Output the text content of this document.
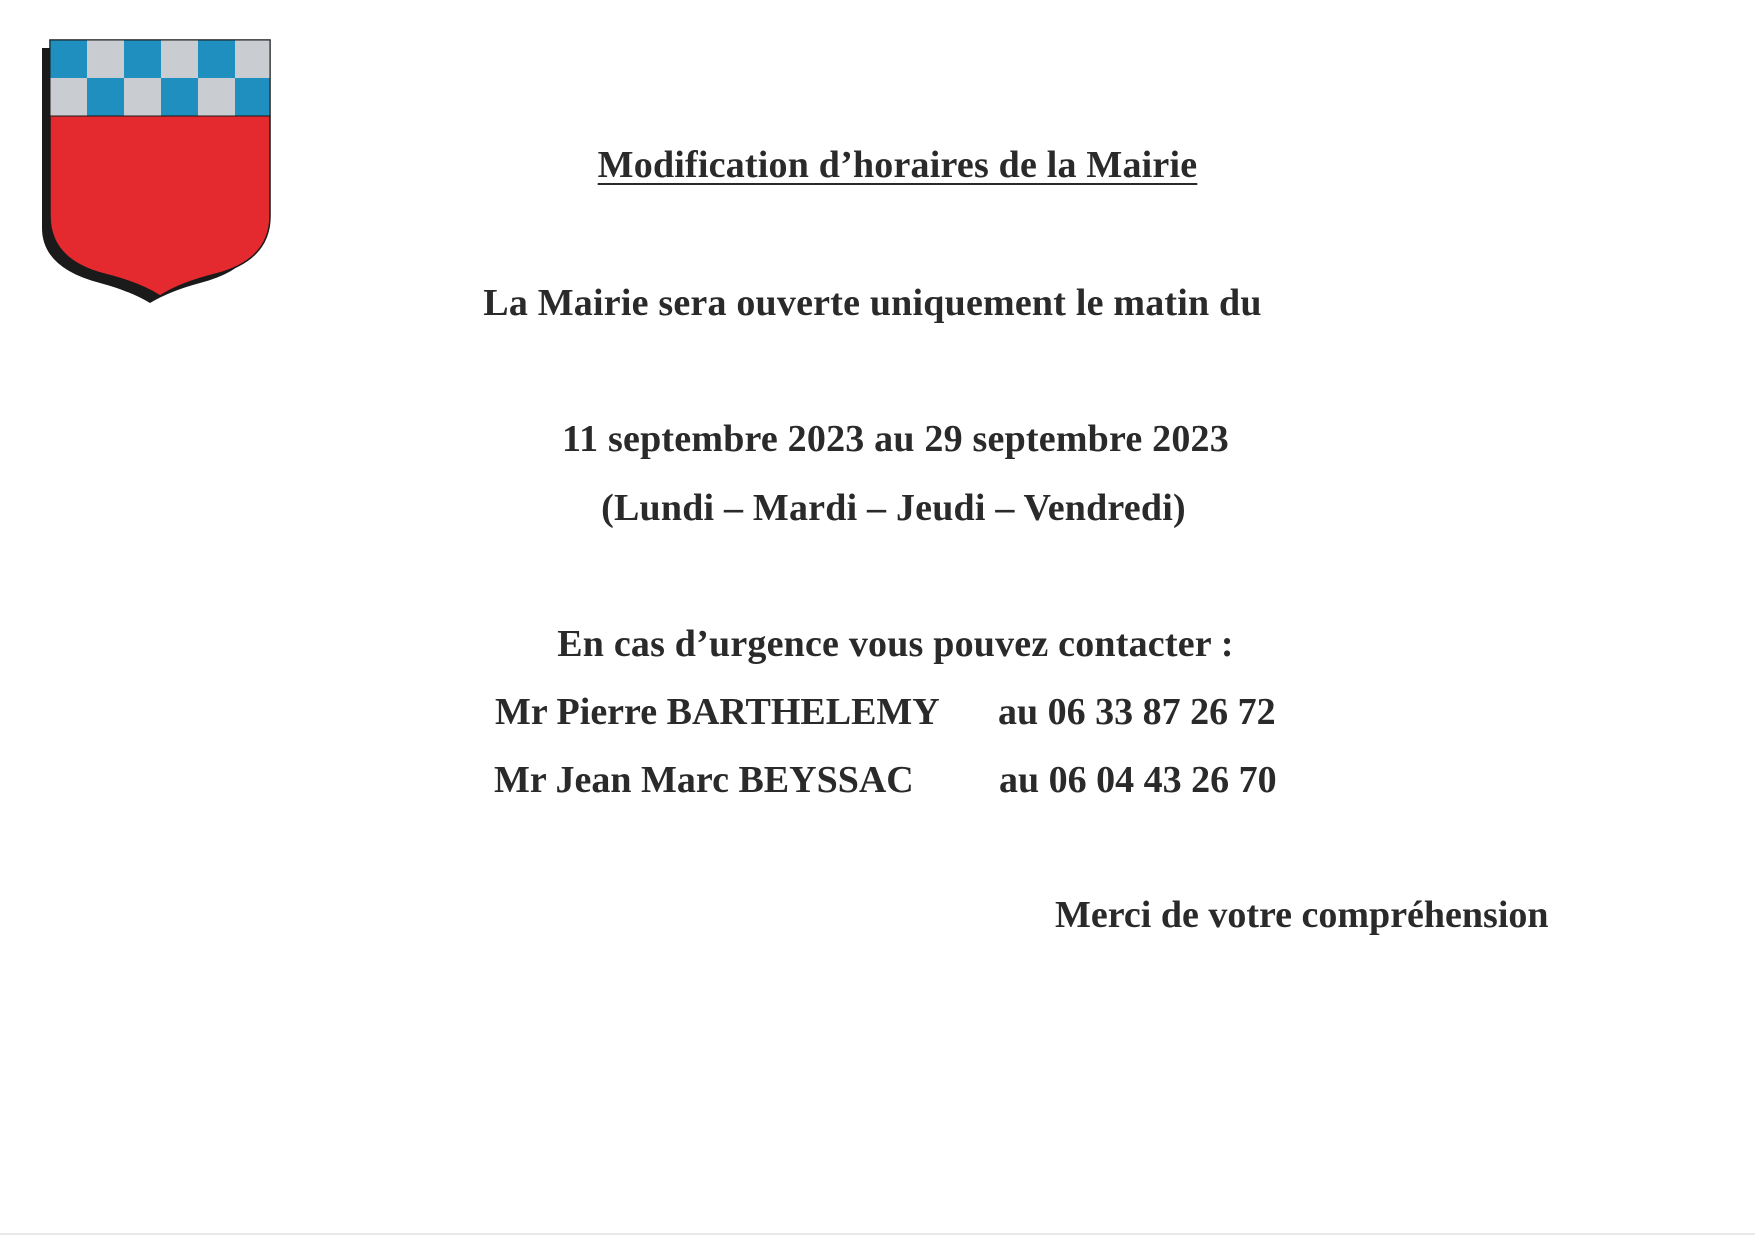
Modification d’horaires de la Mairie
La Mairie sera ouverte uniquement le matin du
11 septembre 2023 au 29 septembre 2023
(Lundi – Mardi – Jeudi – Vendredi)
En cas d’urgence vous pouvez contacter :
Mr Pierre BARTHELEMY au 06 33 87 26 72
Mr Jean Marc BEYSSAC au 06 04 43 26 70
Merci de votre compréhension
